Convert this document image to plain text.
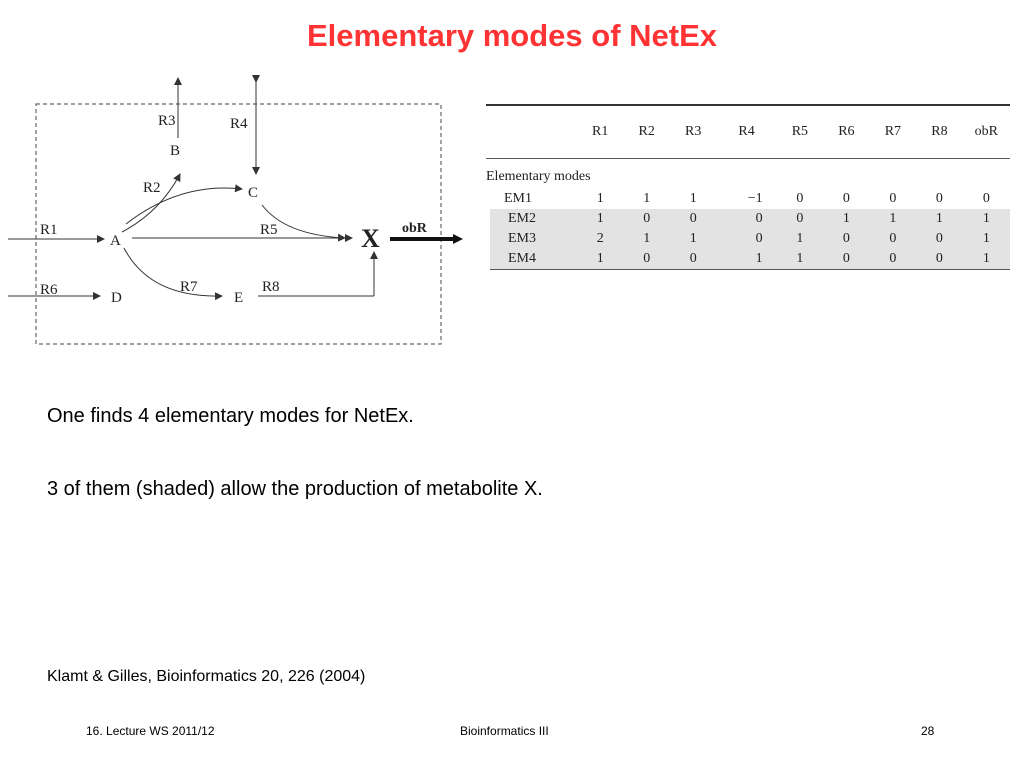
Elementary modes of NetEx
A
B
C
D	E
X
R1
R2
R3	R4
R5
R6	R7	R8
obR
	R1	R2	R3	R4	R5	R6	R7	R8	obR
Elementary modes									
EM1	1	1	1	−1	0	0	0	0	0
EM2	1	0	0	0	0	1	1	1	1
EM3	2	1	1	0	1	0	0	0	1
EM4	1	0	0	1	1	0	0	0	1
One finds 4 elementary modes for NetEx.
3 of them (shaded) allow the production of metabolite X.
Klamt & Gilles, Bioinformatics 20, 226 (2004)
16. Lecture WS 2011/12	Bioinformatics III	28
